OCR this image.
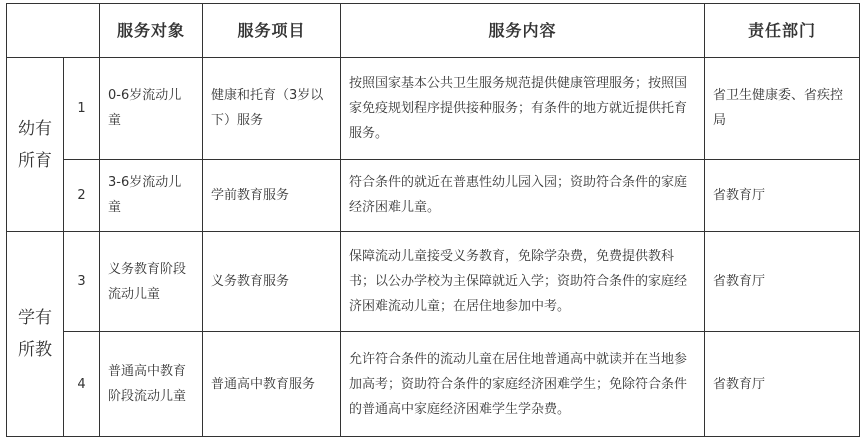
		服务对象	服务项目	服务内容	责任部门

幼有所育	1	0-6岁流动儿童	健康和托育（3岁以下）服务	按照国家基本公共卫生服务规范提供健康管理服务；按照国家免疫规划程序提供接种服务；有条件的地方就近提供托育服务。	省卫生健康委、省疾控局
	2	3-6岁流动儿童	学前教育服务	符合条件的就近在普惠性幼儿园入园；资助符合条件的家庭经济困难儿童。	省教育厅

学有所教	3	义务教育阶段流动儿童	义务教育服务	保障流动儿童接受义务教育，免除学杂费，免费提供教科书；以公办学校为主保障就近入学；资助符合条件的家庭经济困难流动儿童；在居住地参加中考。	省教育厅
	4	普通高中教育阶段流动儿童	普通高中教育服务	允许符合条件的流动儿童在居住地普通高中就读并在当地参加高考；资助符合条件的家庭经济困难学生；免除符合条件的普通高中家庭经济困难学生学杂费。	省教育厅
